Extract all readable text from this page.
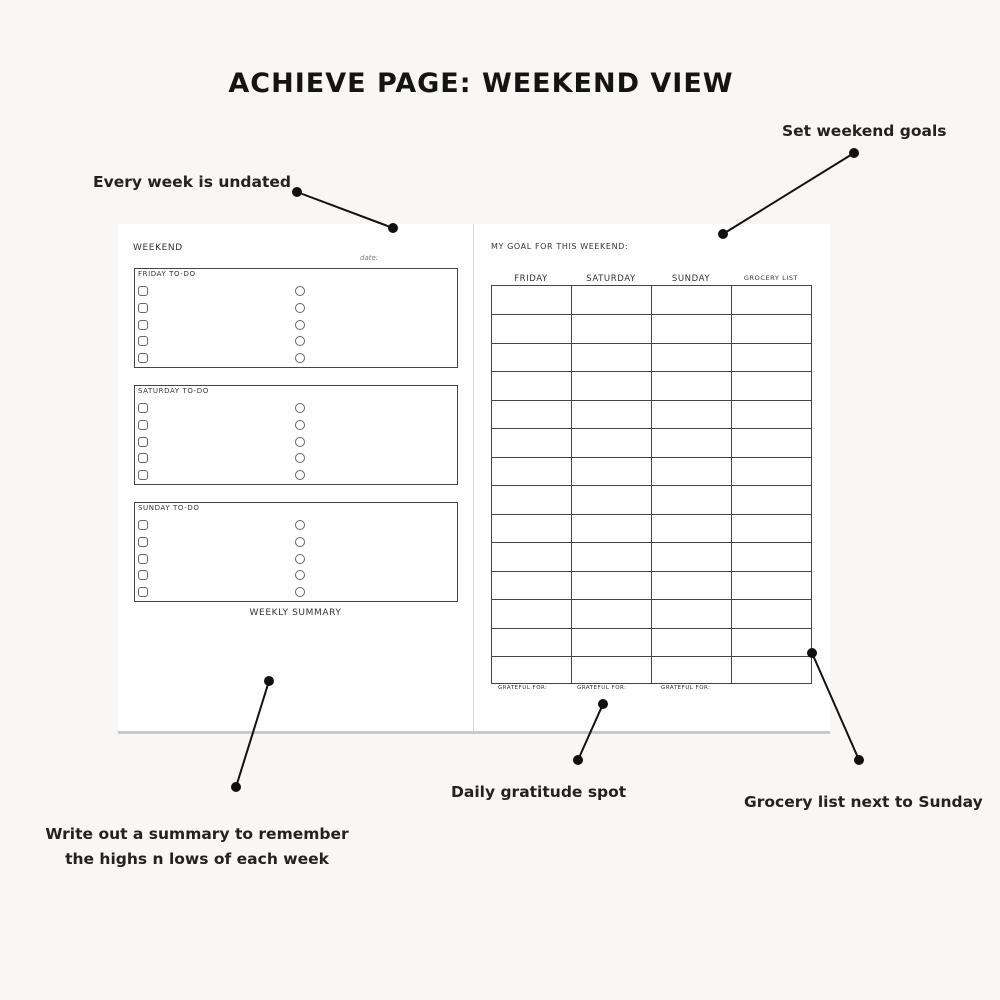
ACHIEVE PAGE: WEEKEND VIEW
Every week is undated
Set weekend goals
Write out a summary to remember
the highs n lows of each week
Daily gratitude spot
Grocery list next to Sunday
WEEKEND
date:
FRIDAY TO-DO
SATURDAY TO-DO
SUNDAY TO-DO
WEEKLY SUMMARY
MY GOAL FOR THIS WEEKEND:
FRIDAY	SATURDAY	SUNDAY	GROCERY LIST
GRATEFUL FOR:	GRATEFUL FOR:	GRATEFUL FOR:
